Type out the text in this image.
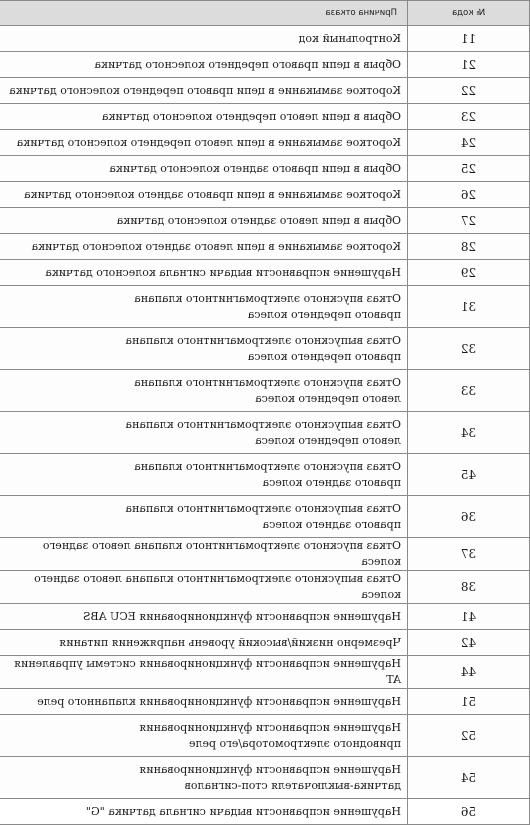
№ кода	Причина отказа
11	Контрольный код

21	Обрыв в цепи правого переднего колесного датчика

22	Короткое замыкание в цепи правого переднего колесного датчика

23	Обрыв в цепи левого переднего колесного датчика

24	Короткое замыкание в цепи левого переднего колесного датчика

25	Обрыв в цепи правого заднего колесного датчика

26	Короткое замыкание в цепи правого заднего колесного датчика

27	Обрыв в цепи левого заднего колесного датчика

28	Короткое замыкание в цепи левого заднего колесного датчика

29	Нарушение исправности выдачи сигнала колесного датчика

31	Отказ впускного электромагнитного клапана
правого переднего колеса

32	Отказ выпускного электромагнитного клапана
правого переднего колеса

33	Отказ впускного электромагнитного клапана
левого переднего колеса

34	Отказ выпускного электромагнитного клапана
левого переднего колеса

45	Отказ впускного электромагнитного клапана
правого заднего колеса

36	Отказ выпускного электромагнитного клапана
правого заднего колеса

37	Отказ впускного электромагнитного клапана левого заднего колеса

38	Отказ выпускного электромагнитного клапана левого заднего колеса

41	Нарушение исправности функционирования ECU ABS

42	Чрезмерно низкий/высокий уровень напряжения питания

44	Нарушение исправности функционирования системы управления AT

51	Нарушение исправности функционирования клапанного реле

52	Нарушение исправности функционирования
приводного электромотора/его реле

54	Нарушение исправности функционирования
датчика-выключателя стоп-сигналов

56	Нарушение исправности выдачи сигнала датчика "G"
